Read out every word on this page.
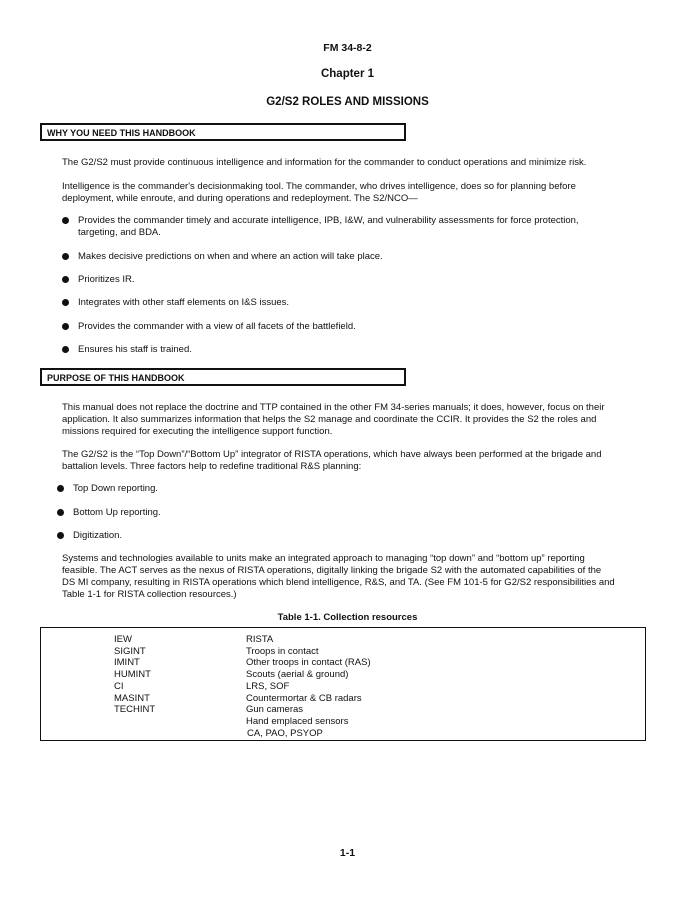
FM 34-8-2
Chapter 1
G2/S2 ROLES AND MISSIONS
WHY YOU NEED THIS HANDBOOK
The G2/S2 must provide continuous intelligence and information for the commander to conduct operations and minimize risk.
Intelligence is the commander's decisionmaking tool. The commander, who drives intelligence, does so for planning before
deployment, while enroute, and during operations and redeployment. The S2/NCO—
Provides the commander timely and accurate intelligence, IPB, I&W, and vulnerability assessments for force protection,
targeting, and BDA.
Makes decisive predictions on when and where an action will take place.
Prioritizes IR.
Integrates with other staff elements on I&S issues.
Provides the commander with a view of all facets of the battlefield.
Ensures his staff is trained.
PURPOSE OF THIS HANDBOOK
This manual does not replace the doctrine and TTP contained in the other FM 34-series manuals; it does, however, focus on their
application. It also summarizes information that helps the S2 manage and coordinate the CCIR. It provides the S2 the roles and
missions required for executing the intelligence support function.
The G2/S2 is the “Top Down”/“Bottom Up” integrator of RISTA operations, which have always been performed at the brigade and
battalion levels. Three factors help to redefine traditional R&S planning:
Top Down reporting.
Bottom Up reporting.
Digitization.
Systems and technologies available to units make an integrated approach to managing “top down” and “bottom up” reporting
feasible. The ACT serves as the nexus of RISTA operations, digitally linking the brigade S2 with the automated capabilities of the
DS MI company, resulting in RISTA operations which blend intelligence, R&S, and TA. (See FM 101-5 for G2/S2 responsibilities and
Table 1-1 for RISTA collection resources.)
Table 1-1. Collection resources
IEW
SIGINT
IMINT
HUMINT
CI
MASINT
TECHINT
RISTA
Troops in contact
Other troops in contact (RAS)
Scouts (aerial & ground)
LRS, SOF
Countermortar & CB radars
Gun cameras
Hand emplaced sensors
CA, PAO, PSYOP
1-1
